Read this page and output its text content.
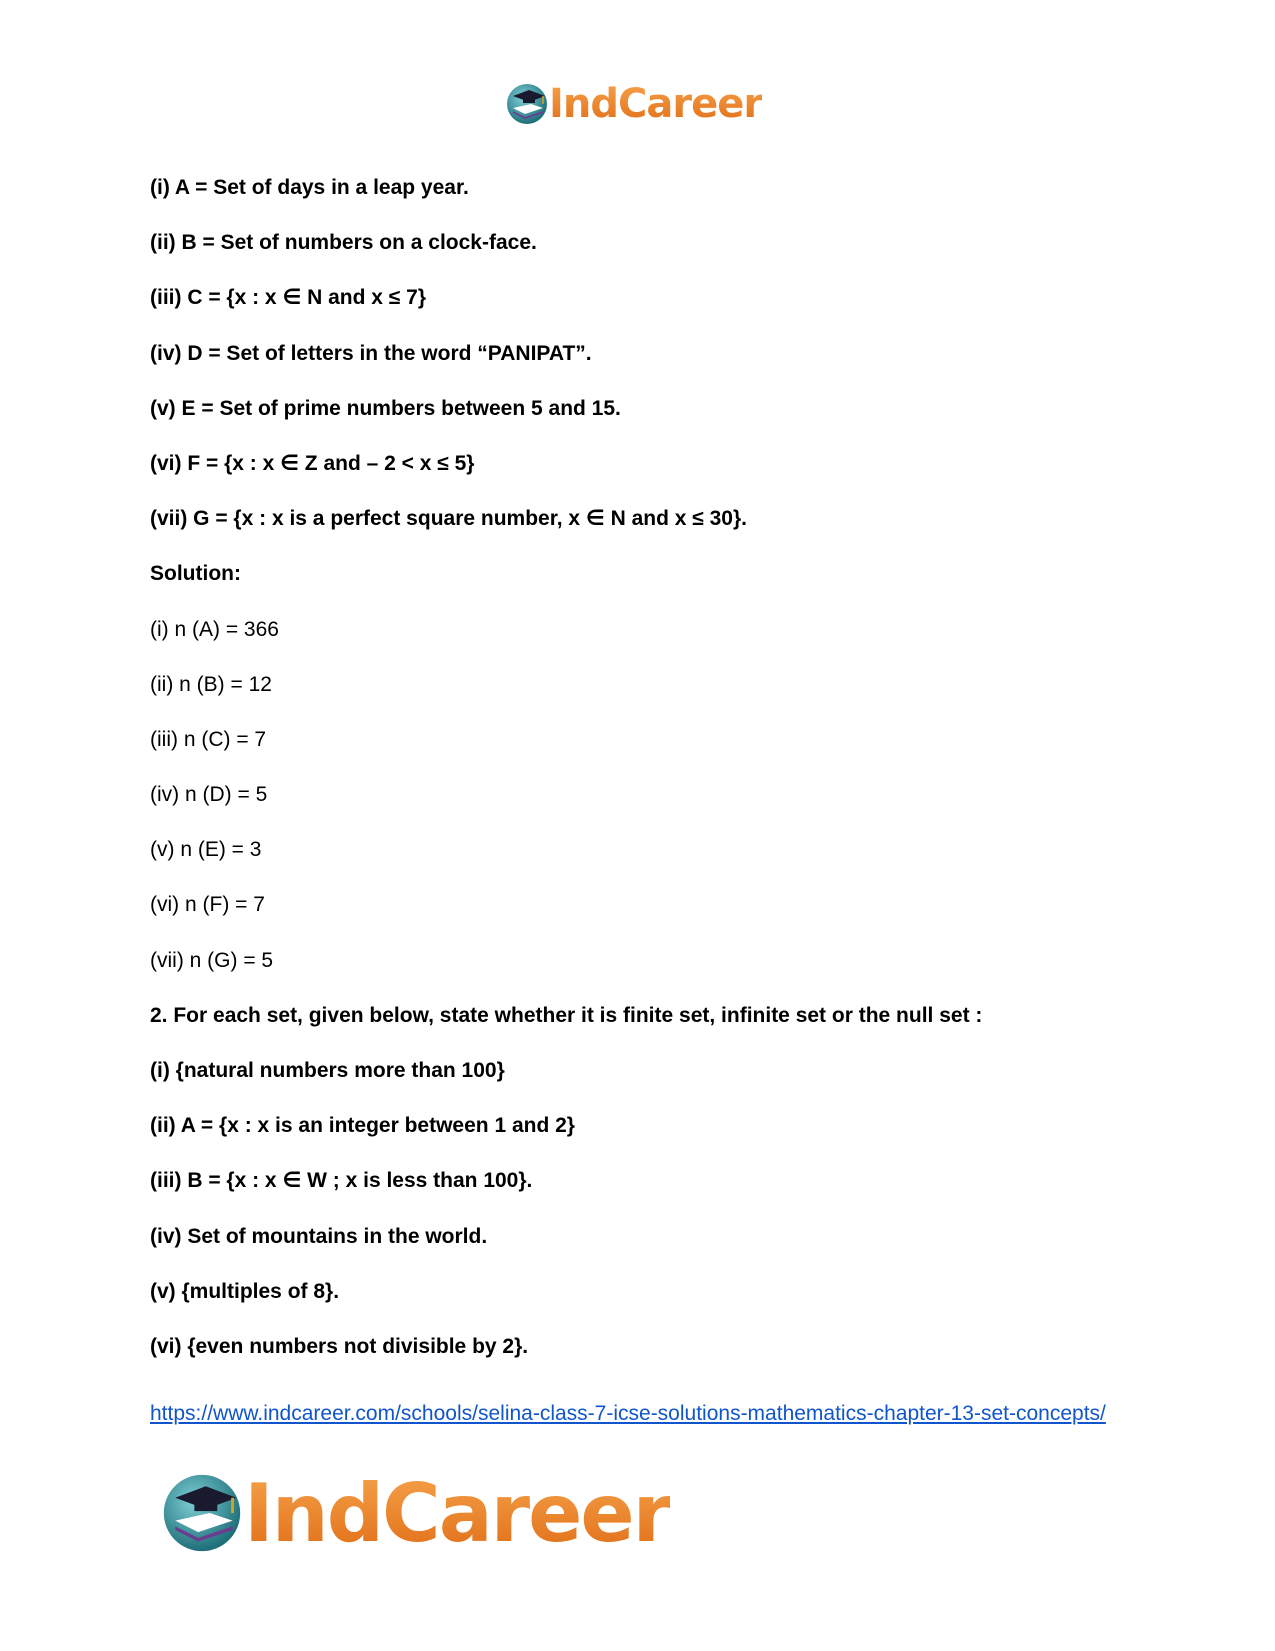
IndCareer
(i) A = Set of days in a leap year.
(ii) B = Set of numbers on a clock-face.
(iii) C = {x : x ∈ N and x ≤ 7}
(iv) D = Set of letters in the word “PANIPAT”.
(v) E = Set of prime numbers between 5 and 15.
(vi) F = {x : x ∈ Z and – 2 < x ≤ 5}
(vii) G = {x : x is a perfect square number, x ∈ N and x ≤ 30}.
Solution:
(i) n (A) = 366
(ii) n (B) = 12
(iii) n (C) = 7
(iv) n (D) = 5
(v) n (E) = 3
(vi) n (F) = 7
(vii) n (G) = 5
2. For each set, given below, state whether it is finite set, infinite set or the null set :
(i) {natural numbers more than 100}
(ii) A = {x : x is an integer between 1 and 2}
(iii) B = {x : x ∈ W ; x is less than 100}.
(iv) Set of mountains in the world.
(v) {multiples of 8}.
(vi) {even numbers not divisible by 2}.
https://www.indcareer.com/schools/selina-class-7-icse-solutions-mathematics-chapter-13-set-concepts/
IndCareer
